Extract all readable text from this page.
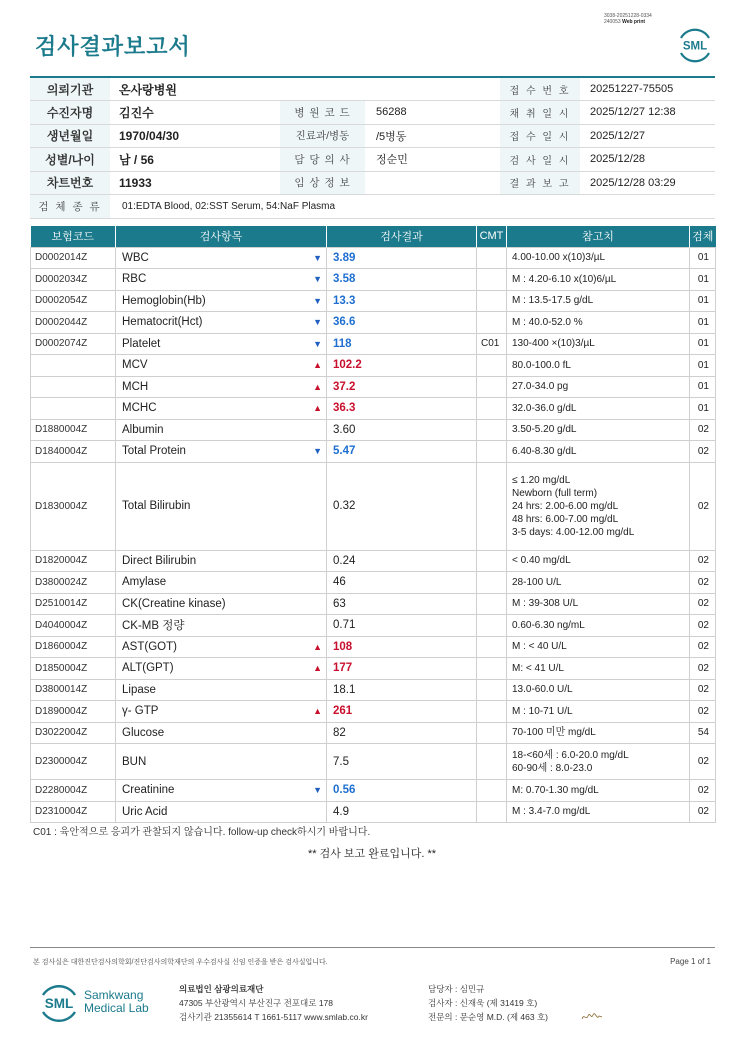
3038-20251228-0334
240053 Web print
검사결과보고서	SML
의뢰기관	온사랑병원			접 수 번 호	20251227-75505
수진자명	김진수	병 원 코 드	56288	채 취 일 시	2025/12/27 12:38
생년월일	1970/04/30	진료과/병동	/5병동	접 수 일 시	2025/12/27
성별/나이	남 / 56	담 당 의 사	정순민	검 사 일 시	2025/12/28
차트번호	11933	임 상 정 보		결 과 보 고	2025/12/28 03:29
검 체 종 류	01:EDTA Blood, 02:SST Serum, 54:NaF Plasma				
보험코드	검사항목	검사결과	CMT	참고치	검체
D0002014Z	WBC ▼	3.89		4.00-10.00 x(10)3/µL	01
D0002034Z	RBC ▼	3.58		M : 4.20-6.10 x(10)6/µL	01
D0002054Z	Hemoglobin(Hb) ▼	13.3		M : 13.5-17.5 g/dL	01
D0002044Z	Hematocrit(Hct) ▼	36.6		M : 40.0-52.0 %	01
D0002074Z	Platelet ▼	118	C01	130-400 ×(10)3/µL	01
	MCV ▲	102.2		80.0-100.0 fL	01
	MCH ▲	37.2		27.0-34.0 pg	01
	MCHC ▲	36.3		32.0-36.0 g/dL	01
D1880004Z	Albumin	3.60		3.50-5.20 g/dL	02
D1840004Z	Total Protein ▼	5.47		6.40-8.30 g/dL	02
D1830004Z	Total Bilirubin	0.32		≤ 1.20 mg/dL
Newborn (full term)
24 hrs: 2.00-6.00 mg/dL
48 hrs: 6.00-7.00 mg/dL
3-5 days: 4.00-12.00 mg/dL	02
D1820004Z	Direct Bilirubin	0.24		< 0.40 mg/dL	02
D3800024Z	Amylase	46		28-100 U/L	02
D2510014Z	CK(Creatine kinase)	63		M : 39-308 U/L	02
D4040004Z	CK-MB 정량	0.71		0.60-6.30 ng/mL	02
D1860004Z	AST(GOT) ▲	108		M : < 40 U/L	02
D1850004Z	ALT(GPT) ▲	177		M: < 41 U/L	02
D3800014Z	Lipase	18.1		13.0-60.0 U/L	02
D1890004Z	γ- GTP ▲	261		M : 10-71 U/L	02
D3022004Z	Glucose	82		70-100 미만 mg/dL	54
D2300004Z	BUN	7.5		18-<60세 : 6.0-20.0 mg/dL
60-90세 : 8.0-23.0	02
D2280004Z	Creatinine ▼	0.56		M: 0.70-1.30 mg/dL	02
D2310004Z	Uric Acid	4.9		M : 3.4-7.0 mg/dL	02
C01 : 육안적으로 응괴가 관찰되지 않습니다. follow-up check하시기 바랍니다.
** 검사 보고 완료입니다. **
본 검사실은 대한진단검사의학회/진단검사의학재단의 우수검사실 신임 인증을 받은 검사실입니다.	Page 1 of 1
SML
Samkwang
Medical Lab
의료법인 삼광의료재단
47305 부산광역시 부산진구 전포대로 178
검사기관 21355614 T 1661-5117 www.smlab.co.kr
담당자 : 심민규
검사자 : 신재욱 (제 31419 호)
전문의 : 문순영 M.D. (제 463 호)
